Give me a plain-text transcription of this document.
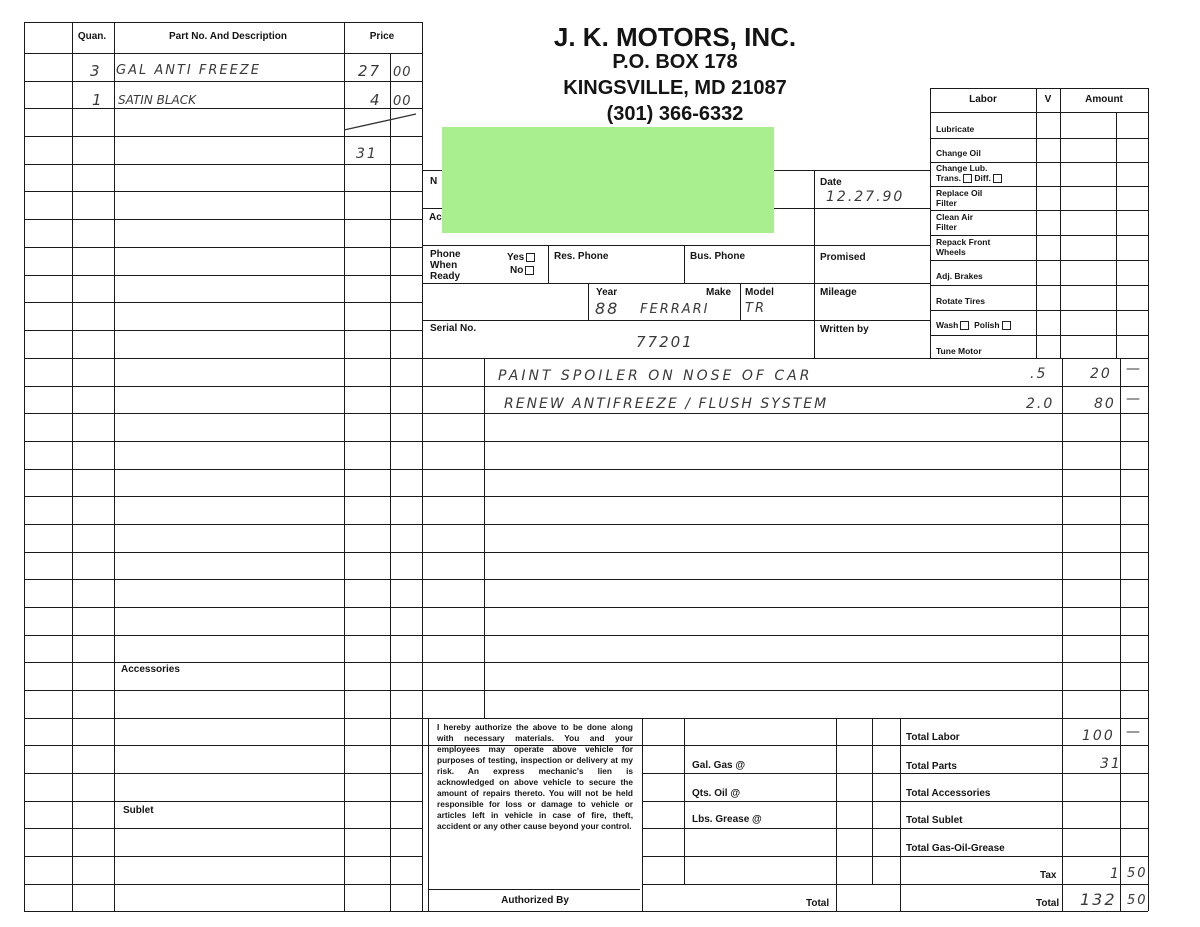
Quan.	Part No. And Description	Price
3 GAL ANTI FREEZE	27 00
1 SATIN BLACK	4 00
31
Accessories
Sublet
J. K. MOTORS, INC.
P.O. BOX 178
KINGSVILLE, MD 21087
(301) 366-6332
N
Ac
Date
12.27.90
Phone When Ready
Yes
No
Res. Phone	Bus. Phone	Promised
Year
88
Make
FERRARI
Model
TR
Mileage
Serial No.
77201
Written by
Labor	V	Amount
Lubricate
Change Oil
Change Lub.
Trans. Diff.
Replace Oil Filter
Clean Air Filter
Repack Front Wheels
Adj. Brakes
Rotate Tires
Wash Polish
Tune Motor
PAINT SPOILER ON NOSE OF CAR	.5	20 —
RENEW ANTIFREEZE / FLUSH SYSTEM	2.0	80 —
I hereby authorize the above to be done along with necessary materials. You and your employees may operate above vehicle for purposes of testing, inspection or delivery at my risk. An express mechanic's lien is acknowledged on above vehicle to secure the amount of repairs thereto. You will not be held responsible for loss or damage to vehicle or articles left in vehicle in case of fire, theft, accident or any other cause beyond your control.
Authorized By
Gal. Gas @
Qts. Oil @
Lbs. Grease @
Total
Total Labor	100 —
Total Parts	31
Total Accessories
Total Sublet
Total Gas-Oil-Grease
Tax	1 50
Total 132 50
